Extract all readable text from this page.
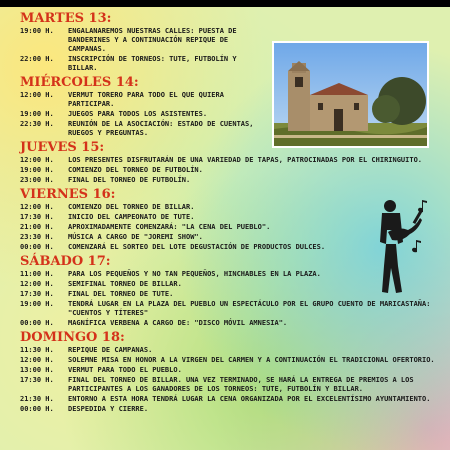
MARTES 13:
19:00 H. ENGALANAREMOS NUESTRAS CALLES: PUESTA DE BANDERINES Y A CONTINUACIÓN REPIQUE DE CAMPANAS.
22:00 H. INSCRIPCIÓN DE TORNEOS: TUTE, FUTBOLÍN Y BILLAR.
MIÉRCOLES 14:
12:00 H. VERMUT TORERO PARA TODO EL QUE QUIERA PARTICIPAR.
19:00 H. JUEGOS PARA TODOS LOS ASISTENTES.
22:30 H. REUNIÓN DE LA ASOCIACIÓN: ESTADO DE CUENTAS, RUEGOS Y PREGUNTAS.
JUEVES 15:
12:00 H. LOS PRESENTES DISFRUTARÁN DE UNA VARIEDAD DE TAPAS, PATROCINADAS POR EL CHIRINGUITO.
19:00 H. COMIENZO DEL TORNEO DE FUTBOLÍN.
23:00 H. FINAL DEL TORNEO DE FUTBOLÍN.
VIERNES 16:
12:00 H. COMIENZO DEL TORNEO DE BILLAR.
17:30 H. INICIO DEL CAMPEONATO DE TUTE.
21:00 H. APROXIMADAMENTE COMENZARÁ: "LA CENA DEL PUEBLO".
23:30 H. MÚSICA A CARGO DE "JOREMI SHOW".
00:00 H. COMENZARÁ EL SORTEO DEL LOTE DEGUSTACIÓN DE PRODUCTOS DULCES.
SÁBADO 17:
11:00 H. PARA LOS PEQUEÑOS Y NO TAN PEQUEÑOS, HINCHABLES EN LA PLAZA.
12:00 H. SEMIFINAL TORNEO DE BILLAR.
17:30 H. FINAL DEL TORNEO DE TUTE.
19:00 H. TENDRÁ LUGAR EN LA PLAZA DEL PUEBLO UN ESPECTÁCULO POR EL GRUPO CUENTO DE MARICASTAÑA: "CUENTOS Y TÍTERES"
00:00 H. MAGNÍFICA VERBENA A CARGO DE: "DISCO MÓVIL AMNESIA".
DOMINGO 18:
11:30 H. REPIQUE DE CAMPANAS.
12:00 H. SOLEMNE MISA EN HONOR A LA VIRGEN DEL CARMEN Y A CONTINUACIÓN EL TRADICIONAL OFERTORIO.
13:00 H. VERMUT PARA TODO EL PUEBLO.
17:30 H. FINAL DEL TORNEO DE BILLAR. UNA VEZ TERMINADO, SE HARÁ LA ENTREGA DE PREMIOS A LOS PARTICIPANTES A LOS GANADORES DE LOS TORNEOS: TUTE, FUTBOLÍN Y BILLAR.
21:30 H. ENTORNO A ESTA HORA TENDRÁ LUGAR LA CENA ORGANIZADA POR EL EXCELENTÍSIMO AYUNTAMIENTO.
00:00 H. DESPEDIDA Y CIERRE.
